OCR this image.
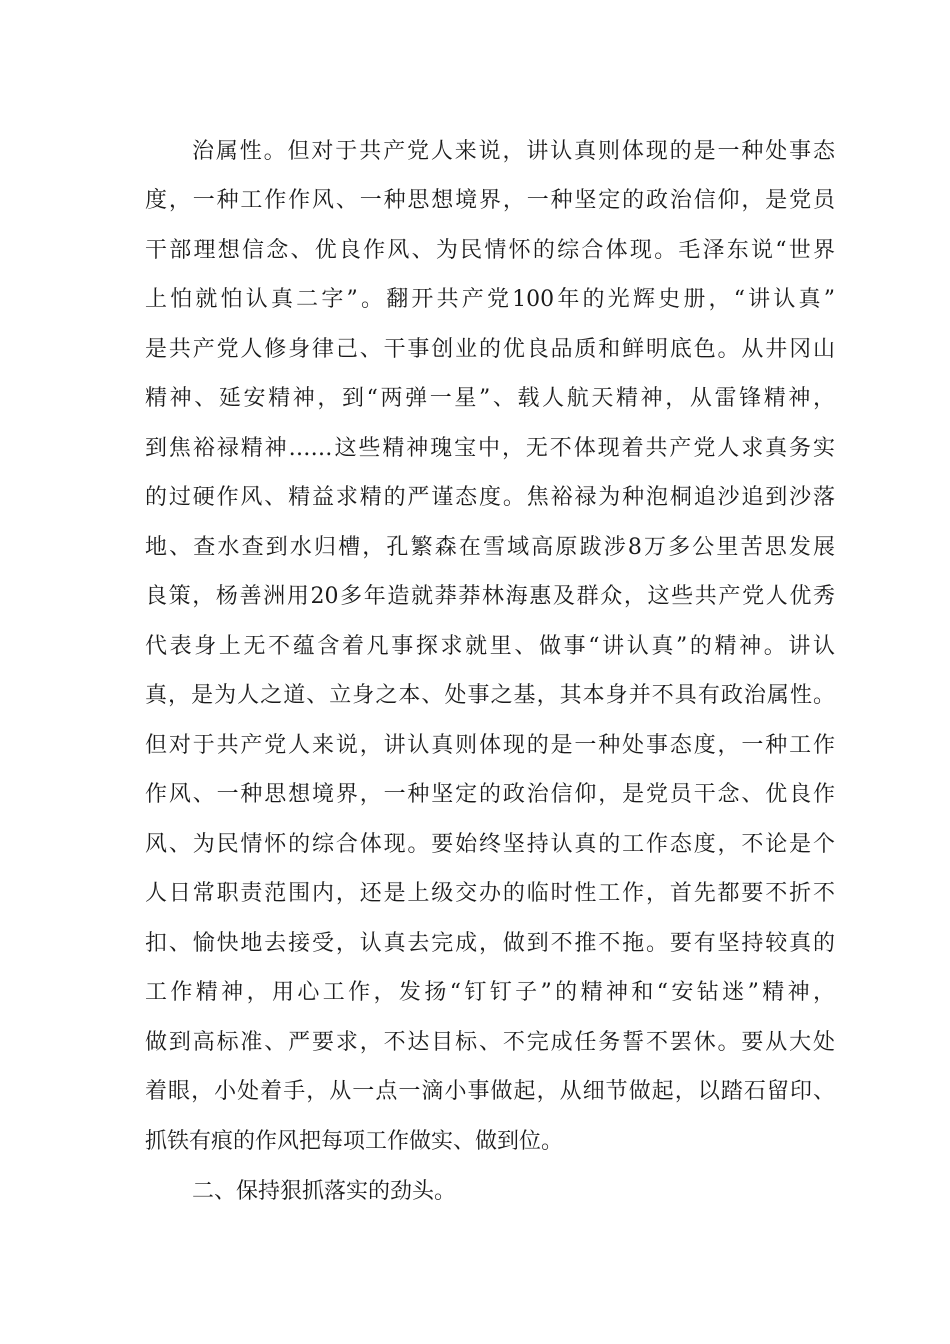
治属性。但对于共产党人来说，讲认真则体现的是一种处事态
度，一种工作作风、一种思想境界，一种坚定的政治信仰，是党员
干部理想信念、优良作风、为民情怀的综合体现。毛泽东说“世界
上怕就怕认真二字”。翻开共产党100年的光辉史册，“讲认真”
是共产党人修身律己、干事创业的优良品质和鲜明底色。从井冈山
精神、延安精神，到“两弹一星”、载人航天精神，从雷锋精神，
到焦裕禄精神……这些精神瑰宝中，无不体现着共产党人求真务实
的过硬作风、精益求精的严谨态度。焦裕禄为种泡桐追沙追到沙落
地、查水查到水归槽，孔繁森在雪域高原跋涉8万多公里苦思发展
良策，杨善洲用20多年造就莽莽林海惠及群众，这些共产党人优秀
代表身上无不蕴含着凡事探求就里、做事“讲认真”的精神。讲认
真，是为人之道、立身之本、处事之基，其本身并不具有政治属性。
但对于共产党人来说，讲认真则体现的是一种处事态度，一种工作
作风、一种思想境界，一种坚定的政治信仰，是党员干念、优良作
风、为民情怀的综合体现。要始终坚持认真的工作态度，不论是个
人日常职责范围内，还是上级交办的临时性工作，首先都要不折不
扣、愉快地去接受，认真去完成，做到不推不拖。要有坚持较真的
工作精神，用心工作，发扬“钉钉子”的精神和“安钻迷”精神，
做到高标准、严要求，不达目标、不完成任务誓不罢休。要从大处
着眼，小处着手，从一点一滴小事做起，从细节做起，以踏石留印、
抓铁有痕的作风把每项工作做实、做到位。
二、保持狠抓落实的劲头。
